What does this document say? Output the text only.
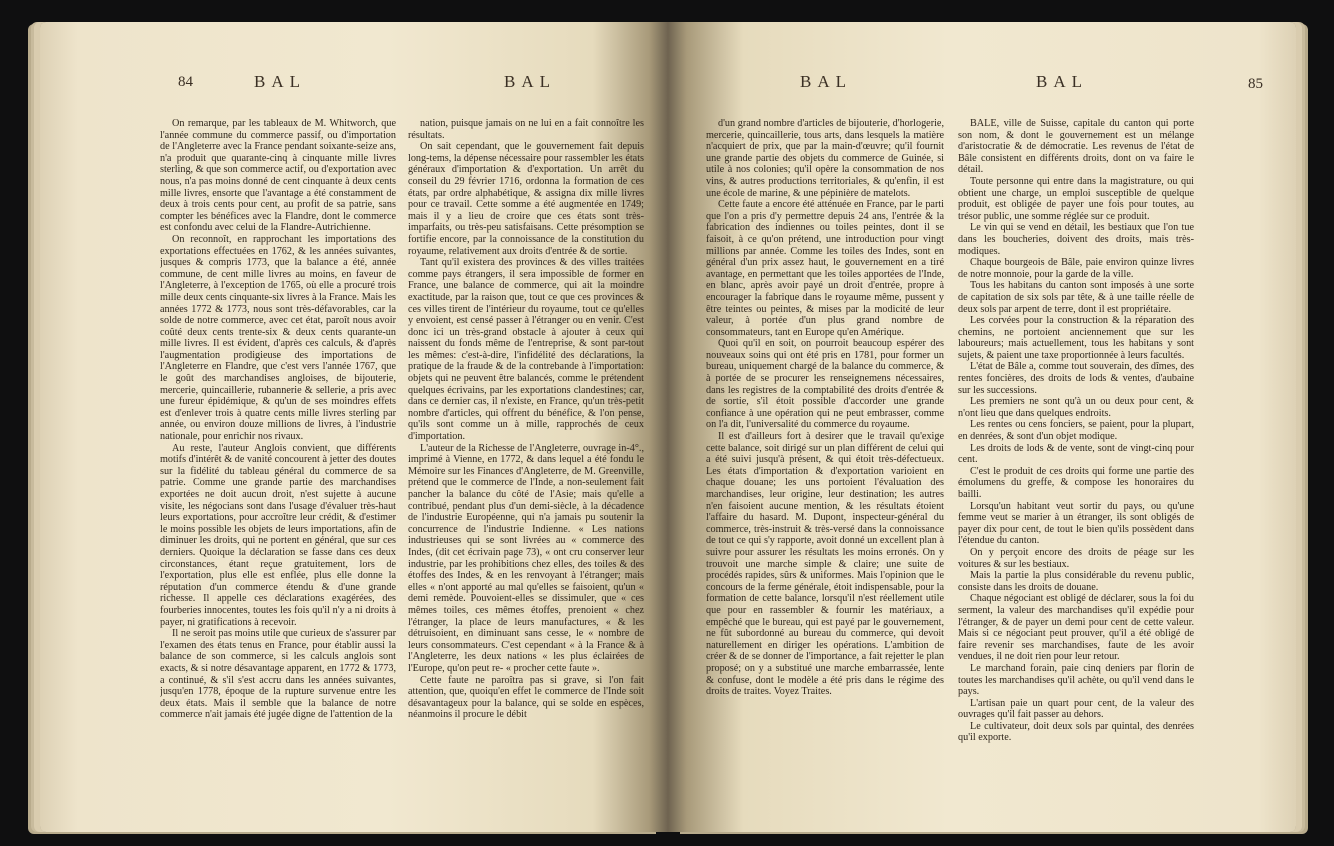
84	BAL	BAL

On remarque, par les tableaux de M. Whitworch, que l'année commune du commerce passif, ou d'importation de l'Angleterre avec la France pendant soixante-seize ans, n'a produit que quarante-cinq à cinquante mille livres sterling, & que son commerce actif, ou d'exportation avec nous, n'a pas moins donné de cent cinquante à deux cents mille livres, ensorte que l'avantage a été constamment de deux à trois cents pour cent, au profit de sa patrie, sans compter les bénéfices avec la Flandre, dont le commerce est confondu avec celui de la Flandre-Autrichienne.

On reconnoît, en rapprochant les importations des exportations effectuées en 1762, & les années suivantes, jusques & compris 1773, que la balance a été, année commune, de cent mille livres au moins, en faveur de l'Angleterre, à l'exception de 1765, où elle a procuré trois mille deux cents cinquante-six livres à la France. Mais les années 1772 & 1773, nous sont très-défavorables, car la solde de notre commerce, avec cet état, paroît nous avoir coûté deux cents trente-six & deux cents quarante-un mille livres. Il est évident, d'après ces calculs, & d'après l'augmentation prodigieuse des importations de l'Angleterre en Flandre, que c'est vers l'année 1767, que le goût des marchandises angloises, de bijouterie, mercerie, quincaillerie, rubannerie & sellerie, a pris avec une fureur épidémique, & qu'un de ses moindres effets est d'enlever trois à quatre cents mille livres sterling par année, ou environ douze millions de livres, à l'industrie nationale, pour enrichir nos rivaux.

Au reste, l'auteur Anglois convient, que différents motifs d'intérêt & de vanité concourent à jetter des doutes sur la fidélité du tableau général du commerce de sa patrie. Comme une grande partie des marchandises exportées ne doit aucun droit, n'est sujette à aucune visite, les négocians sont dans l'usage d'évaluer très-haut leurs exportations, pour accroître leur crédit, & d'estimer le moins possible les objets de leurs importations, afin de diminuer les droits, qui ne portent en général, que sur ces derniers. Quoique la déclaration se fasse dans ces deux circonstances, étant reçue gratuitement, lors de l'exportation, plus elle est enflée, plus elle donne la réputation d'un commerce étendu & d'une grande richesse. Il appelle ces déclarations exagérées, des fourberies innocentes, toutes les fois qu'il n'y a ni droits à payer, ni gratifications à recevoir.

Il ne seroit pas moins utile que curieux de s'assurer par l'examen des états tenus en France, pour établir aussi la balance de son commerce, si les calculs anglois sont exacts, & si notre désavantage apparent, en 1772 & 1773, a continué, & s'il s'est accru dans les années suivantes, jusqu'en 1778, époque de la rupture survenue entre les deux états. Mais il semble que la balance de notre commerce n'ait jamais été jugée digne de l'attention de la

nation, puisque jamais on ne lui en a fait connoître les résultats.

On sait cependant, que le gouvernement fait depuis long-tems, la dépense nécessaire pour rassembler les états généraux d'importation & d'exportation. Un arrêt du conseil du 29 février 1716, ordonna la formation de ces états, par ordre alphabétique, & assigna dix mille livres pour ce travail. Cette somme a été augmentée en 1749; mais il y a lieu de croire que ces états sont très-imparfaits, ou très-peu satisfaisans. Cette présomption se fortifie encore, par la connoissance de la constitution du royaume, relativement aux droits d'entrée & de sortie.

Tant qu'il existera des provinces & des villes traitées comme pays étrangers, il sera impossible de former en France, une balance de commerce, qui ait la moindre exactitude, par la raison que, tout ce que ces provinces & ces villes tirent de l'intérieur du royaume, tout ce qu'elles y envoient, est censé passer à l'étranger ou en venir. C'est donc ici un très-grand obstacle à ajouter à ceux qui naissent du fonds même de l'entreprise, & sont par-tout les mêmes: c'est-à-dire, l'infidélité des déclarations, la pratique de la fraude & de la contrebande à l'importation: objets qui ne peuvent être balancés, comme le prétendent quelques écrivains, par les exportations clandestines; car, dans ce dernier cas, il n'existe, en France, qu'un très-petit nombre d'articles, qui offrent du bénéfice, & l'on pense, qu'ils sont comme un à mille, rapprochés de ceux d'importation.

L'auteur de la Richesse de l'Angleterre, ouvrage in-4°., imprimé à Vienne, en 1772, & dans lequel a été fondu le Mémoire sur les Finances d'Angleterre, de M. Greenville, prétend que le commerce de l'Inde, a non-seulement fait pancher la balance du côté de l'Asie; mais qu'elle a contribué, pendant plus d'un demi-siècle, à la décadence de l'industrie Européenne, qui n'a jamais pu soutenir la concurrence de l'industrie Indienne. « Les nations industrieuses qui se sont livrées au « commerce des Indes, (dit cet écrivain page 73), « ont cru conserver leur industrie, par les prohibitions chez elles, des toiles & des étoffes des Indes, & en les renvoyant à l'étranger; mais elles « n'ont apporté au mal qu'elles se faisoient, qu'un « demi remède. Pouvoient-elles se dissimuler, que « ces mêmes toiles, ces mêmes étoffes, prenoient « chez l'étranger, la place de leurs manufactures, « & les détruisoient, en diminuant sans cesse, le « nombre de leurs consommateurs. C'est cependant « à la France & à l'Angleterre, les deux nations « les plus éclairées de l'Europe, qu'on peut re- « procher cette faute ».

Cette faute ne paroîtra pas si grave, si l'on fait attention, que, quoiqu'en effet le commerce de l'Inde soit désavantageux pour la balance, qui se solde en espèces, néanmoins il procure le débit

BAL	BAL	85

d'un grand nombre d'articles de bijouterie, d'horlogerie, mercerie, quincaillerie, tous arts, dans lesquels la matière n'acquiert de prix, que par la main-d'œuvre; qu'il fournit une grande partie des objets du commerce de Guinée, si utile à nos colonies; qu'il opère la consommation de nos vins, & autres productions territoriales, & qu'enfin, il est une école de marine, & une pépinière de matelots.

Cette faute a encore été atténuée en France, par le parti que l'on a pris d'y permettre depuis 24 ans, l'entrée & la fabrication des indiennes ou toiles peintes, dont il se faisoit, à ce qu'on prétend, une introduction pour vingt millions par année. Comme les toiles des Indes, sont en général d'un prix assez haut, le gouvernement en a tiré avantage, en permettant que les toiles apportées de l'Inde, en blanc, après avoir payé un droit d'entrée, propre à encourager la fabrique dans le royaume même, pussent y être teintes ou peintes, & mises par la modicité de leur valeur, à portée d'un plus grand nombre de consommateurs, tant en Europe qu'en Amérique.

Quoi qu'il en soit, on pourroit beaucoup espérer des nouveaux soins qui ont été pris en 1781, pour former un bureau, uniquement chargé de la balance du commerce, & à portée de se procurer les renseignemens nécessaires, dans les registres de la comptabilité des droits d'entrée & de sortie, s'il étoit possible d'accorder une grande confiance à une opération qui ne peut embrasser, comme on l'a dit, l'universalité du commerce du royaume.

Il est d'ailleurs fort à desirer que le travail qu'exige cette balance, soit dirigé sur un plan différent de celui qui a été suivi jusqu'à présent, & qui étoit très-défectueux. Les états d'importation & d'exportation varioient en chaque douane; les uns portoient l'évaluation des marchandises, leur origine, leur destination; les autres n'en faisoient aucune mention, & les résultats étoient l'affaire du hasard. M. Dupont, inspecteur-général du commerce, très-instruit & très-versé dans la connoissance de tout ce qui s'y rapporte, avoit donné un excellent plan à suivre pour assurer les résultats les moins erronés. On y trouvoit une marche simple & claire; une suite de procédés rapides, sûrs & uniformes. Mais l'opinion que le concours de la ferme générale, étoit indispensable, pour la formation de cette balance, lorsqu'il n'est réellement utile que pour en rassembler & fournir les matériaux, a empêché que le bureau, qui est payé par le gouvernement, ne fût subordonné au bureau du commerce, qui devoit naturellement en diriger les opérations. L'ambition de créer & de se donner de l'importance, a fait rejetter le plan proposé; on y a substitué une marche embarrassée, lente & confuse, dont le modèle a été pris dans le régime des droits de traites. Voyez Traites.

BALE, ville de Suisse, capitale du canton qui porte son nom, & dont le gouvernement est un mélange d'aristocratie & de démocratie. Les revenus de l'état de Bâle consistent en différents droits, dont on va faire le détail.

Toute personne qui entre dans la magistrature, ou qui obtient une charge, un emploi susceptible de quelque produit, est obligée de payer une fois pour toutes, au trésor public, une somme réglée sur ce produit.

Le vin qui se vend en détail, les bestiaux que l'on tue dans les boucheries, doivent des droits, mais très-modiques.

Chaque bourgeois de Bâle, paie environ quinze livres de notre monnoie, pour la garde de la ville.

Tous les habitans du canton sont imposés à une sorte de capitation de six sols par tête, & à une taille réelle de deux sols par arpent de terre, dont il est propriétaire.

Les corvées pour la construction & la réparation des chemins, ne portoient anciennement que sur les laboureurs; mais actuellement, tous les habitans y sont sujets, & paient une taxe proportionnée à leurs facultés.

L'état de Bâle a, comme tout souverain, des dîmes, des rentes foncières, des droits de lods & ventes, d'aubaine sur les successions.

Les premiers ne sont qu'à un ou deux pour cent, & n'ont lieu que dans quelques endroits.

Les rentes ou cens fonciers, se paient, pour la plupart, en denrées, & sont d'un objet modique.

Les droits de lods & de vente, sont de vingt-cinq pour cent.

C'est le produit de ces droits qui forme une partie des émolumens du greffe, & compose les honoraires du bailli.

Lorsqu'un habitant veut sortir du pays, ou qu'une femme veut se marier à un étranger, ils sont obligés de payer dix pour cent, de tout le bien qu'ils possèdent dans l'étendue du canton.

On y perçoit encore des droits de péage sur les voitures & sur les bestiaux.

Mais la partie la plus considérable du revenu public, consiste dans les droits de douane.

Chaque négociant est obligé de déclarer, sous la foi du serment, la valeur des marchandises qu'il expédie pour l'étranger, & de payer un demi pour cent de cette valeur. Mais si ce négociant peut prouver, qu'il a été obligé de faire revenir ses marchandises, faute de les avoir vendues, il ne doit rien pour leur retour.

Le marchand forain, paie cinq deniers par florin de toutes les marchandises qu'il achète, ou qu'il vend dans le pays.

L'artisan paie un quart pour cent, de la valeur des ouvrages qu'il fait passer au dehors.

Le cultivateur, doit deux sols par quintal, des denrées qu'il exporte.
